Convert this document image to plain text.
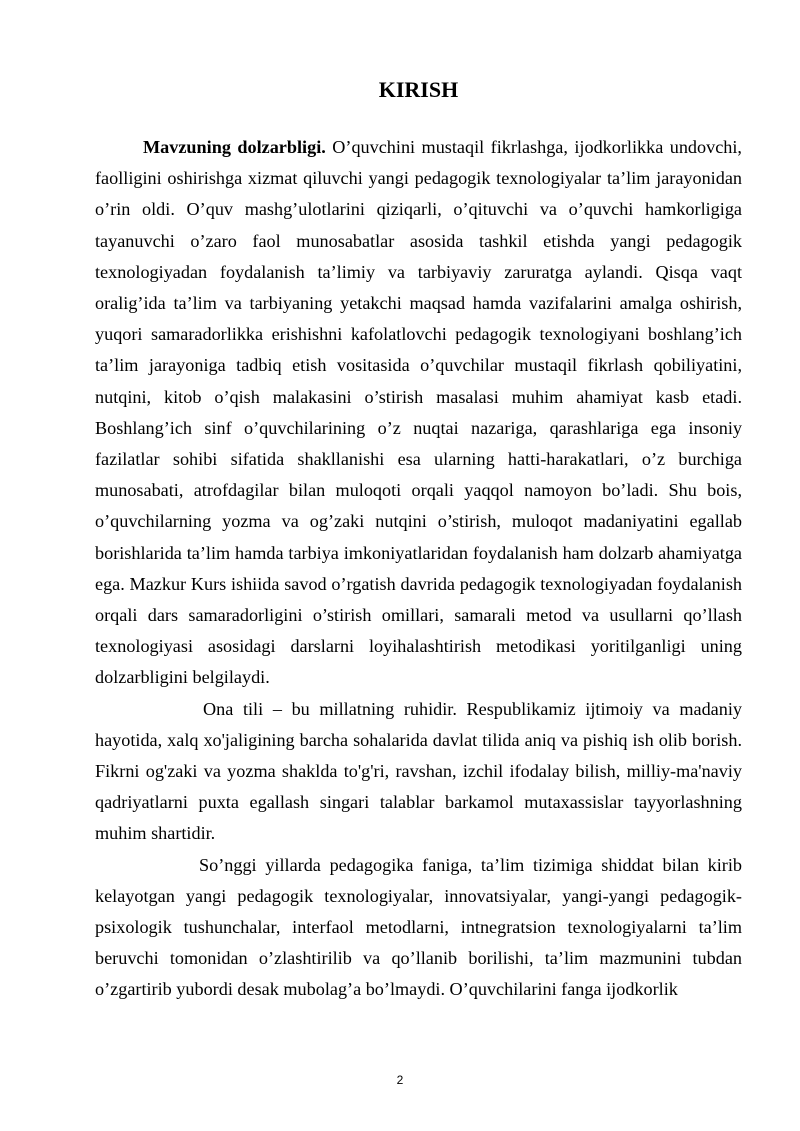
KIRISH

Mavzuning dolzarbligi. O’quvchini mustaqil fikrlashga, ijodkorlikka undovchi, faolligini oshirishga xizmat qiluvchi yangi pedagogik texnologiyalar ta’lim jarayonidan o’rin oldi. O’quv mashg’ulotlarini qiziqarli, o’qituvchi va o’quvchi hamkorligiga tayanuvchi o’zaro faol munosabatlar asosida tashkil etishda yangi pedagogik texnologiyadan foydalanish ta’limiy va tarbiyaviy zaruratga aylandi. Qisqa vaqt oralig’ida ta’lim va tarbiyaning yetakchi maqsad hamda vazifalarini amalga oshirish, yuqori samaradorlikka erishishni kafolatlovchi pedagogik texnologiyani boshlang’ich ta’lim jarayoniga tadbiq etish vositasida o’quvchilar mustaqil fikrlash qobiliyatini, nutqini, kitob o’qish malakasini o’stirish masalasi muhim ahamiyat kasb etadi. Boshlang’ich sinf o’quvchilarining o’z nuqtai nazariga, qarashlariga ega insoniy fazilatlar sohibi sifatida shakllanishi esa ularning hatti-harakatlari, o’z burchiga munosabati, atrofdagilar bilan muloqoti orqali yaqqol namoyon bo’ladi. Shu bois, o’quvchilarning yozma va og’zaki nutqini o’stirish, muloqot madaniyatini egallab borishlarida ta’lim hamda tarbiya imkoniyatlaridan foydalanish ham dolzarb ahamiyatga ega. Mazkur Kurs ishiida savod o’rgatish davrida pedagogik texnologiyadan foydalanish orqali dars samaradorligini o’stirish omillari, samarali metod va usullarni qo’llash texnologiyasi asosidagi darslarni loyihalashtirish metodikasi yoritilganligi uning dolzarbligini belgilaydi.

Ona tili – bu millatning ruhidir. Respublikamiz ijtimoiy va madaniy hayotida, xalq xo'jaligining barcha sohalarida davlat tilida aniq va pishiq ish olib borish. Fikrni og'zaki va yozma shaklda to'g'ri, ravshan, izchil ifodalay bilish, milliy-ma'naviy qadriyatlarni puxta egallash singari talablar barkamol mutaxassislar tayyorlashning muhim shartidir.

So’nggi yillarda pedagogika faniga, ta’lim tizimiga shiddat bilan kirib kelayotgan yangi pedagogik texnologiyalar, innovatsiyalar, yangi-yangi pedagogik-psixologik tushunchalar, interfaol metodlarni, intnegratsion texnologiyalarni ta’lim beruvchi tomonidan o’zlashtirilib va qo’llanib borilishi, ta’lim mazmunini tubdan o’zgartirib yubordi desak mubolag’a bo’lmaydi. O’quvchilarini fanga ijodkorlik

2
